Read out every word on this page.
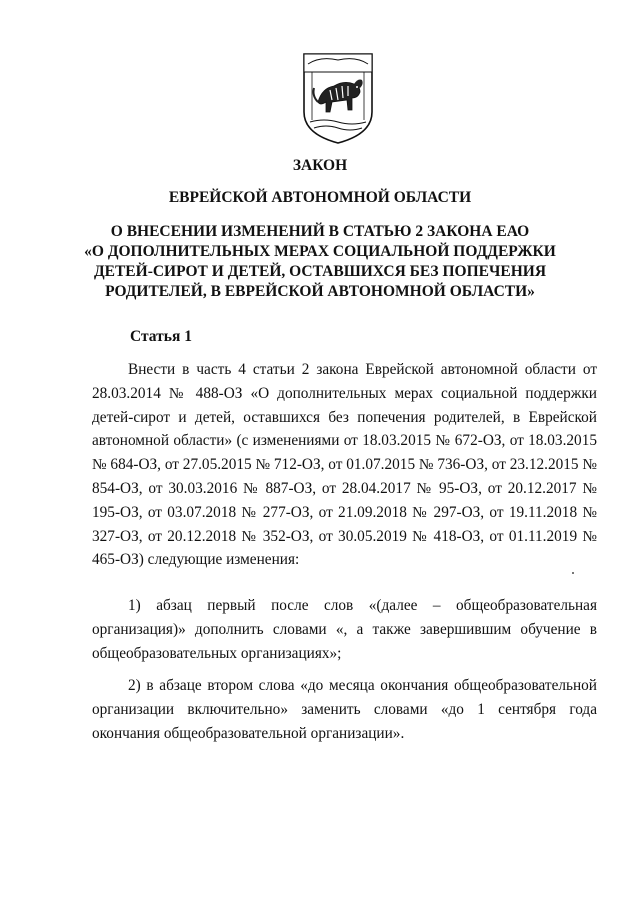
ЗАКОН
ЕВРЕЙСКОЙ АВТОНОМНОЙ ОБЛАСТИ
О ВНЕСЕНИИ ИЗМЕНЕНИЙ В СТАТЬЮ 2 ЗАКОНА ЕАО
«О ДОПОЛНИТЕЛЬНЫХ МЕРАХ СОЦИАЛЬНОЙ ПОДДЕРЖКИ
ДЕТЕЙ-СИРОТ И ДЕТЕЙ, ОСТАВШИХСЯ БЕЗ ПОПЕЧЕНИЯ
РОДИТЕЛЕЙ, В ЕВРЕЙСКОЙ АВТОНОМНОЙ ОБЛАСТИ»
Статья 1

Внести в часть 4 статьи 2 закона Еврейской автономной области от 28.03.2014 № 488-ОЗ «О дополнительных мерах социальной поддержки детей-сирот и детей, оставшихся без попечения родителей, в Еврейской автономной области» (с изменениями от 18.03.2015 № 672-ОЗ, от 18.03.2015 № 684-ОЗ, от 27.05.2015 № 712-ОЗ, от 01.07.2015 № 736-ОЗ, от 23.12.2015 № 854-ОЗ, от 30.03.2016 № 887-ОЗ, от 28.04.2017 № 95-ОЗ, от 20.12.2017 № 195-ОЗ, от 03.07.2018 № 277-ОЗ, от 21.09.2018 № 297-ОЗ, от 19.11.2018 № 327-ОЗ, от 20.12.2018 № 352-ОЗ, от 30.05.2019 № 418-ОЗ, от 01.11.2019 № 465-ОЗ) следующие изменения:

1) абзац первый после слов «(далее – общеобразовательная организация)» дополнить словами «, а также завершившим обучение в общеобразовательных организациях»;

2) в абзаце втором слова «до месяца окончания общеобразовательной организации включительно» заменить словами «до 1 сентября года окончания общеобразовательной организации».
